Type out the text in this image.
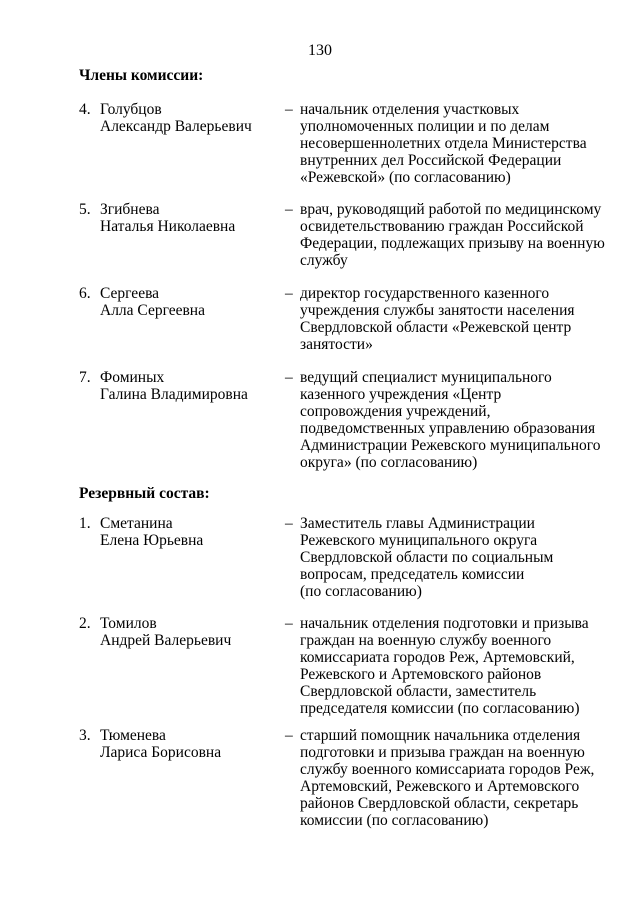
130
Члены комиссии:
4. Голубцов
Александр Валерьевич
– начальник отделения участковых
уполномоченных полиции и по делам
несовершеннолетних отдела Министерства
внутренних дел Российской Федерации
«Режевской» (по согласованию)
5. Згибнева
Наталья Николаевна
– врач, руководящий работой по медицинскому
освидетельствованию граждан Российской
Федерации, подлежащих призыву на военную
службу
6. Сергеева
Алла Сергеевна
– директор государственного казенного
учреждения службы занятости населения
Свердловской области «Режевской центр
занятости»
7. Фоминых
Галина Владимировна
– ведущий специалист муниципального
казенного учреждения «Центр
сопровождения учреждений,
подведомственных управлению образования
Администрации Режевского муниципального
округа» (по согласованию)
Резервный состав:
1. Сметанина
Елена Юрьевна
– Заместитель главы Администрации
Режевского муниципального округа
Свердловской области по социальным
вопросам, председатель комиссии
(по согласованию)
2. Томилов
Андрей Валерьевич
– начальник отделения подготовки и призыва
граждан на военную службу военного
комиссариата городов Реж, Артемовский,
Режевского и Артемовского районов
Свердловской области, заместитель
председателя комиссии (по согласованию)
3. Тюменева
Лариса Борисовна
– старший помощник начальника отделения
подготовки и призыва граждан на военную
службу военного комиссариата городов Реж,
Артемовский, Режевского и Артемовского
районов Свердловской области, секретарь
комиссии (по согласованию)
